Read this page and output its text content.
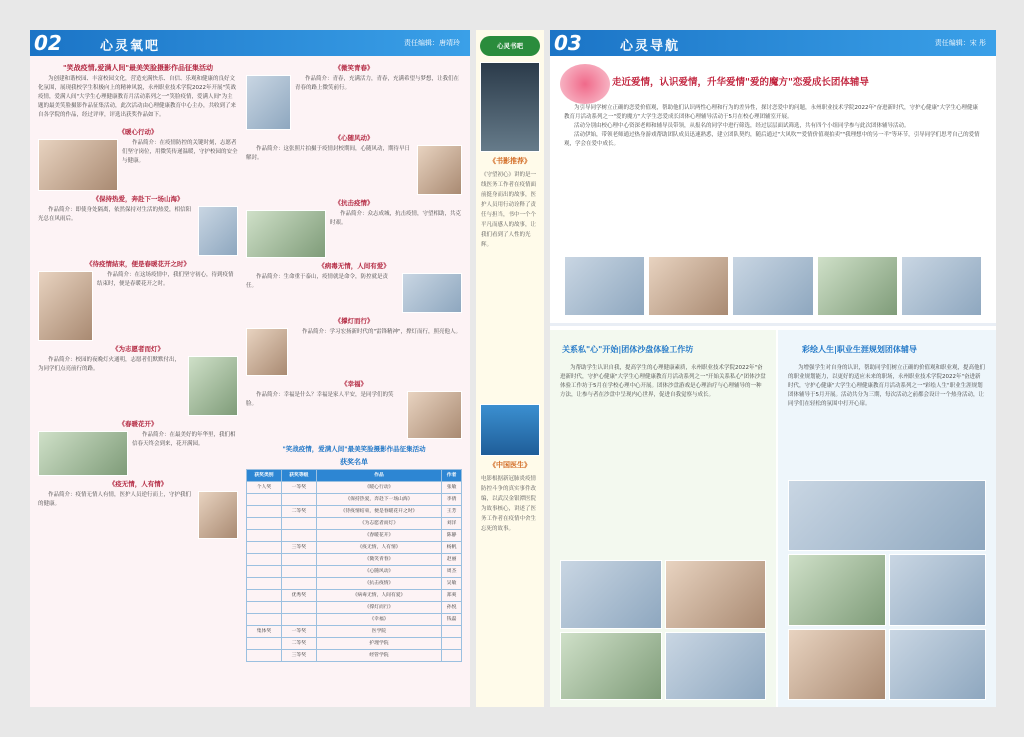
02	心灵氧吧	责任编辑：唐靖玲
"笑战疫情,爱满人间"最美笑脸摄影作品征集活动
为创建和谐校园、丰富校园文化，营造充满快乐、自信、乐观和健康的良好文化氛围，展现我校学生积极向上的精神风貌，永州职业技术学院2022年开展"笑战疫情，爱满人间"大学生心理健康教育月活动系列之一"笑脸疫情，爱满人间"为主题的最美笑脸摄影作品征集活动，此次活动由心理健康教育中心主办，共收到了来自各学院的作品，经过评审，评选出获奖作品如下。
《暖心行动》
作品简介：在疫情防控的关键时刻，志愿者们坚守岗位，用微笑传递温暖，守护校园的安全与健康。
《保持热爱，奔赴下一场山海》
作品简介：即使身处隔离，依然保持对生活的热爱，相信阳光总在风雨后。
《待疫情結束，便是春暖花开之时》
作品简介：在这场疫情中，我们坚守初心，待到疫情结束时，便是春暖花开之时。
《为志愿者而灯》
作品简介：校园的夜晚灯火通明，志愿者们默默付出，为同学们点亮前行的路。
《春暖花开》
作品简介：在最美好的年华里，我们相信春天终会到来，花开满园。
《疫无情，人有情》
作品简介：疫情无情人有情，医护人员逆行而上，守护我们的健康。
《微笑青春》
作品简介：青春，充满活力，青春，充满希望与梦想，让我们在青春的路上微笑前行。
《心随风动》
作品简介：这张照片拍摄于疫情封校期间，心随风动，期待早日解封。
《抗击疫情》
作品简介：众志成城，抗击疫情，守望相助，共克时艰。
《病毒无情，人间有爱》
作品简介：生命重于泰山，疫情就是命令，防控就是责任。
《撑灯而行》
作品简介：学习宏扬新时代的"雷锋精神"，撑灯而行，照亮他人。
《幸福》
作品简介：幸福是什么？幸福是家人平安，是同学们的笑脸。
"笑战疫情，爱满人间"最美笑脸摄影作品征集活动
获奖名单
获奖类别	获奖等级	作品	作者
个人奖	一等奖	《暖心行动》	张敏
		《保持热爱，奔赴下一场山海》	李倩
	二等奖	《待疫情结束，便是春暖花开之时》	王芳
		《为志愿者而灯》	刘洋
		《春暖花开》	陈静
	三等奖	《疫无情，人有情》	杨帆
		《微笑青春》	赵丽
		《心随风动》	周杰
		《抗击疫情》	吴敏
	优秀奖	《病毒无情，人间有爱》	郑爽
		《撑灯而行》	孙悦
		《幸福》	钱磊
集体奖	一等奖	医学院	
	二等奖	护理学院	
	三等奖	经管学院	
心灵书吧
《书影推荐》
《守望初心》讲的是一线医务工作者在疫情面前挺身而出的故事，医护人员用行动诠释了责任与担当，书中一个个平凡而感人的故事，让我们看到了人性的光辉。
《中国医生》
电影根据新冠肺炎疫情防控斗争的真实事件改编，以武汉金银潭医院为故事核心，讲述了医务工作者在疫情中舍生忘死的故事。
03	心灵导航	责任编辑：宋 彤
走近爱情，认识爱情，升华爱情"爱的魔方"恋爱成长团体辅导
为引导同学树立正确的恋爱价值观，帮助他们认识两性心理和行为的差异性，探讨恋爱中的问题，永州职业技术学院2022年"奋进新时代，守护心健康"大学生心理健康教育月活动系列之一"爱的魔方"大学生恋爱成长团体心理辅导活动于5月在校心理团辅室开展。
活动分别由校心理中心资深老师和辅导员带领，从报名的同学中进行筛选，经过层层面试筛选，共有四个小组同学参与此次团体辅导活动。
活动伊始，带领老师通过热身游戏帮助团队成员迅速熟悉，建立团队契约，随后通过"大风吹""爱情价值观拍卖""我理想中的另一半"等环节，引导同学们思考自己的爱情观，学会在爱中成长。
关系私"心"开始|团体沙盘体验工作坊
为帮助学生认识自我，提高学生的心理健康素质，永州职业技术学院2022年"奋进新时代，守护心健康"大学生心理健康教育月活动系列之一"开始关系私心"团体沙盘体验工作坊于5月在学校心理中心开展。团体沙盘游戏是心理治疗与心理辅导的一种方法，让参与者在沙盘中呈现内心世界，促进自我觉察与成长。
彩绘人生|职业生涯规划团体辅导
为增强学生对自身的认识，帮助同学们树立正确的价值观和职业观，提高他们的职业规划能力，以更好的适应未来的职场，永州职业技术学院2022年"奋进新时代，守护心健康"大学生心理健康教育月活动系列之一"彩绘人生"职业生涯规划团体辅导于5月开展。活动共分为三期，每次活动之前都会设计一个热身活动，让同学们在轻松的氛围中打开心扉。
